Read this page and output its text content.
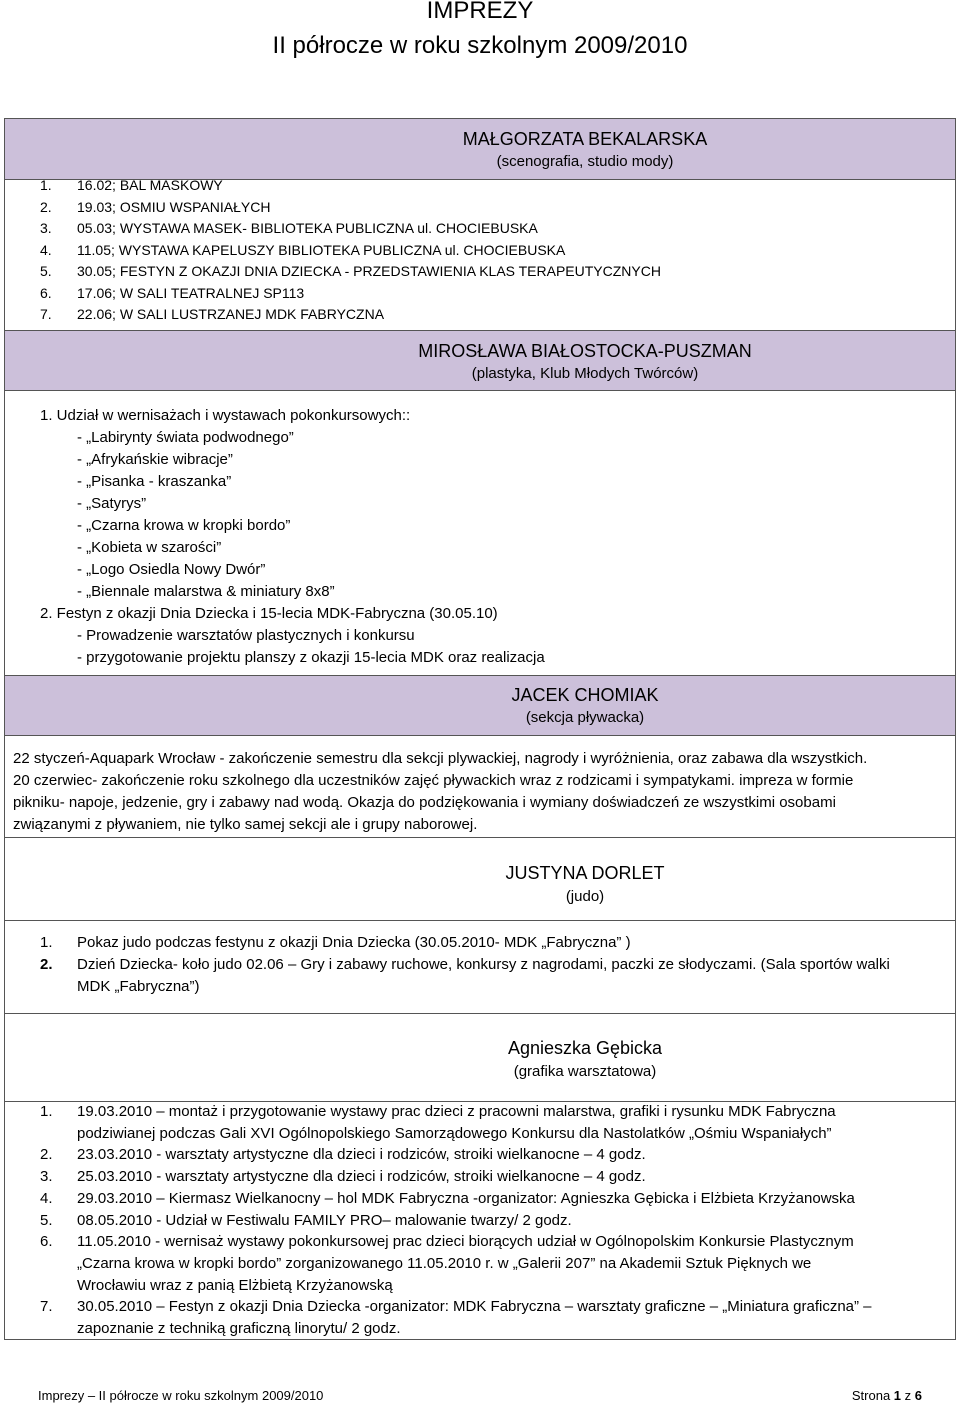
IMPREZY
II półrocze w roku szkolnym 2009/2010
MAŁGORZATA BEKALARSKA
(scenografia, studio mody)
1. 16.02; BAL MASKOWY
2. 19.03; OSMIU WSPANIAŁYCH
3. 05.03; WYSTAWA MASEK- BIBLIOTEKA PUBLICZNA ul. CHOCIEBUSKA
4. 11.05; WYSTAWA KAPELUSZY BIBLIOTEKA PUBLICZNA ul. CHOCIEBUSKA
5. 30.05; FESTYN Z OKAZJI DNIA DZIECKA - PRZEDSTAWIENIA KLAS TERAPEUTYCZNYCH
6. 17.06; W SALI TEATRALNEJ SP113
7. 22.06; W SALI LUSTRZANEJ MDK FABRYCZNA
MIROSŁAWA BIAŁOSTOCKA-PUSZMAN
(plastyka, Klub Młodych Twórców)
1. Udział w wernisażach i wystawach pokonkursowych::
- „Labirynty świata podwodnego”
- „Afrykańskie wibracje”
- „Pisanka - kraszanka”
- „Satyrys”
- „Czarna krowa w kropki bordo”
- „Kobieta w szarości”
- „Logo Osiedla Nowy Dwór”
- „Biennale malarstwa & miniatury 8x8”
2. Festyn z okazji Dnia Dziecka i 15-lecia MDK-Fabryczna (30.05.10)
- Prowadzenie warsztatów plastycznych i konkursu
- przygotowanie projektu planszy z okazji 15-lecia MDK oraz realizacja
JACEK CHOMIAK
(sekcja pływacka)
22 styczeń-Aquapark Wrocław - zakończenie semestru dla sekcji plywackiej, nagrody i wyróżnienia, oraz zabawa dla wszystkich.
20 czerwiec- zakończenie roku szkolnego dla uczestników zajęć pływackich wraz z rodzicami i sympatykami. impreza w formie
pikniku- napoje, jedzenie, gry i zabawy nad wodą. Okazja do podziękowania i wymiany doświadczeń ze wszystkimi osobami
związanymi z pływaniem, nie tylko samej sekcji ale i grupy naborowej.
JUSTYNA DORLET
(judo)
1. Pokaz judo podczas festynu z okazji Dnia Dziecka (30.05.2010- MDK „Fabryczna” )
2. Dzień Dziecka- koło judo 02.06 – Gry i zabawy ruchowe, konkursy z nagrodami, paczki ze słodyczami. (Sala sportów walki
MDK „Fabryczna”)
Agnieszka Gębicka
(grafika warsztatowa)
1. 19.03.2010 – montaż i przygotowanie wystawy prac dzieci z pracowni malarstwa, grafiki i rysunku MDK Fabryczna
podziwianej podczas Gali XVI Ogólnopolskiego Samorządowego Konkursu dla Nastolatków „Ośmiu Wspaniałych”
2. 23.03.2010 - warsztaty artystyczne dla dzieci i rodziców, stroiki wielkanocne – 4 godz.
3. 25.03.2010 - warsztaty artystyczne dla dzieci i rodziców, stroiki wielkanocne – 4 godz.
4. 29.03.2010 – Kiermasz Wielkanocny – hol MDK Fabryczna -organizator: Agnieszka Gębicka i Elżbieta Krzyżanowska
5. 08.05.2010 - Udział w Festiwalu FAMILY PRO– malowanie twarzy/ 2 godz.
6. 11.05.2010 - wernisaż wystawy pokonkursowej prac dzieci biorących udział w Ogólnopolskim Konkursie Plastycznym
„Czarna krowa w kropki bordo” zorganizowanego 11.05.2010 r. w „Galerii 207” na Akademii Sztuk Pięknych we
Wrocławiu wraz z panią Elżbietą Krzyżanowską
7. 30.05.2010 – Festyn z okazji Dnia Dziecka -organizator: MDK Fabryczna – warsztaty graficzne – „Miniatura graficzna” –
zapoznanie z techniką graficzną linorytu/ 2 godz.
Imprezy – II półrocze w roku szkolnym 2009/2010	Strona 1 z 6
